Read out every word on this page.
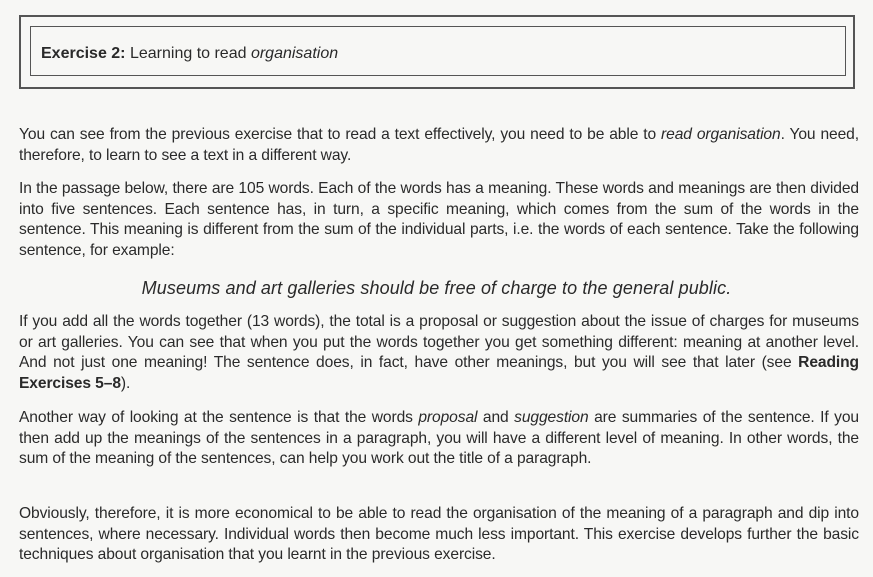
Exercise 2: Learning to read organisation
You can see from the previous exercise that to read a text effectively, you need to be able to read organisation. You need, therefore, to learn to see a text in a different way.
In the passage below, there are 105 words. Each of the words has a meaning. These words and meanings are then divided into five sentences. Each sentence has, in turn, a specific meaning, which comes from the sum of the words in the sentence. This meaning is different from the sum of the individual parts, i.e. the words of each sentence. Take the following sentence, for example:
Museums and art galleries should be free of charge to the general public.
If you add all the words together (13 words), the total is a proposal or suggestion about the issue of charges for museums or art galleries. You can see that when you put the words together you get something different: meaning at another level. And not just one meaning! The sentence does, in fact, have other meanings, but you will see that later (see Reading Exercises 5–8).
Another way of looking at the sentence is that the words proposal and suggestion are summaries of the sentence. If you then add up the meanings of the sentences in a paragraph, you will have a different level of meaning. In other words, the sum of the meaning of the sentences, can help you work out the title of a paragraph.
Obviously, therefore, it is more economical to be able to read the organisation of the meaning of a paragraph and dip into sentences, where necessary. Individual words then become much less important. This exercise develops further the basic techniques about organisation that you learnt in the previous exercise.
